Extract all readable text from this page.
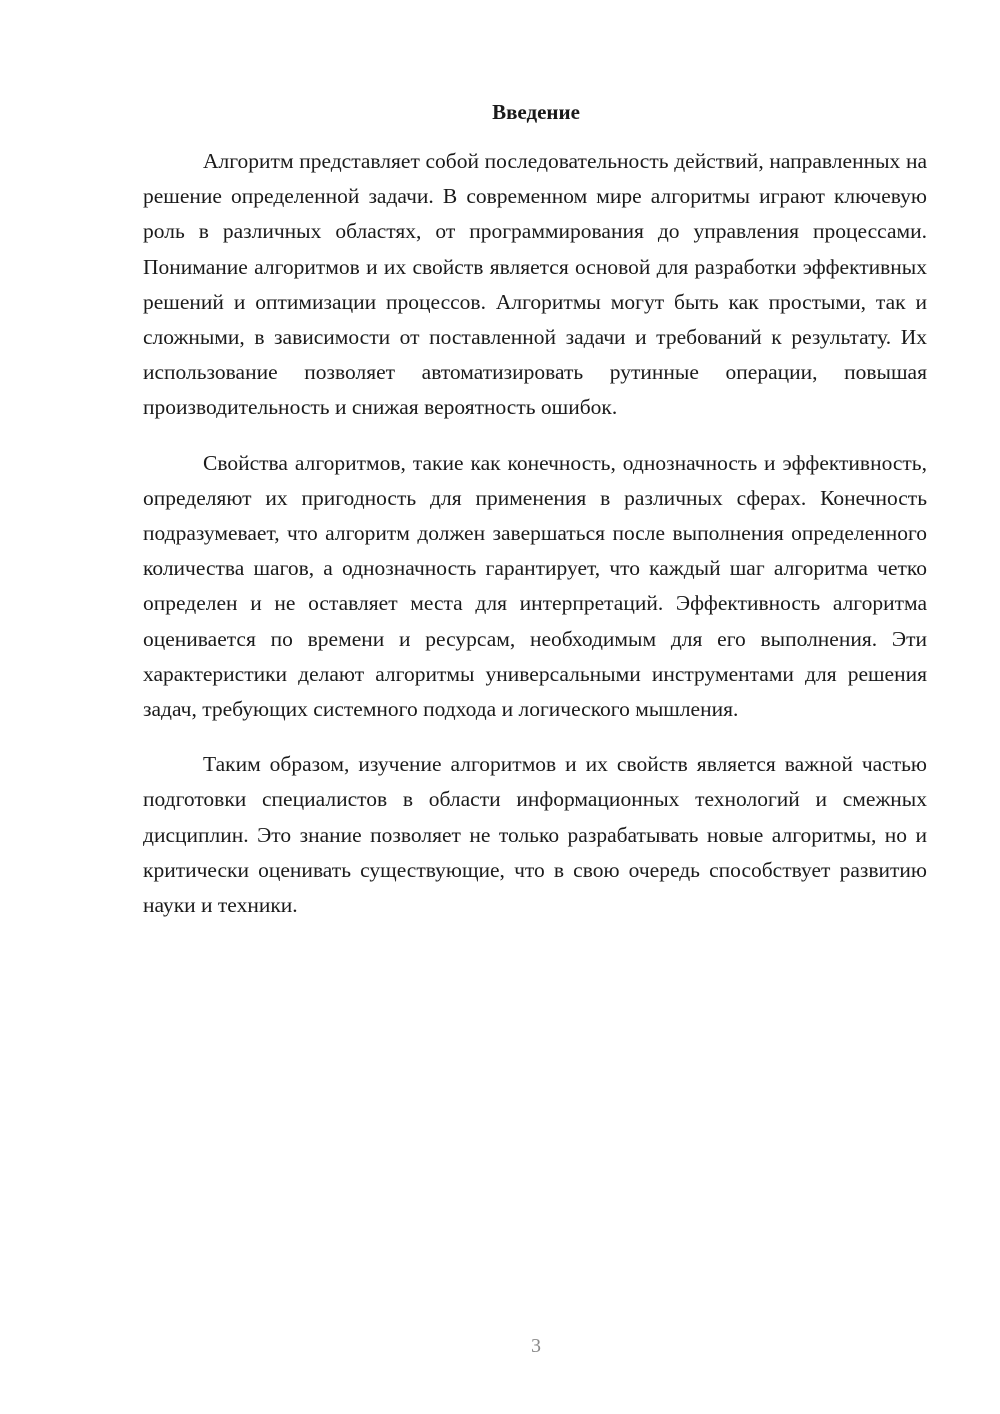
Введение

Алгоритм представляет собой последовательность действий, направленных на решение определенной задачи. В современном мире алгоритмы играют ключевую роль в различных областях, от программирования до управления процессами. Понимание алгоритмов и их свойств является основой для разработки эффективных решений и оптимизации процессов. Алгоритмы могут быть как простыми, так и сложными, в зависимости от поставленной задачи и требований к результату. Их использование позволяет автоматизировать рутинные операции, повышая производительность и снижая вероятность ошибок.

Свойства алгоритмов, такие как конечность, однозначность и эффективность, определяют их пригодность для применения в различных сферах. Конечность подразумевает, что алгоритм должен завершаться после выполнения определенного количества шагов, а однозначность гарантирует, что каждый шаг алгоритма четко определен и не оставляет места для интерпретаций. Эффективность алгоритма оценивается по времени и ресурсам, необходимым для его выполнения. Эти характеристики делают алгоритмы универсальными инструментами для решения задач, требующих системного подхода и логического мышления.

Таким образом, изучение алгоритмов и их свойств является важной частью подготовки специалистов в области информационных технологий и смежных дисциплин. Это знание позволяет не только разрабатывать новые алгоритмы, но и критически оценивать существующие, что в свою очередь способствует развитию науки и техники.

3
